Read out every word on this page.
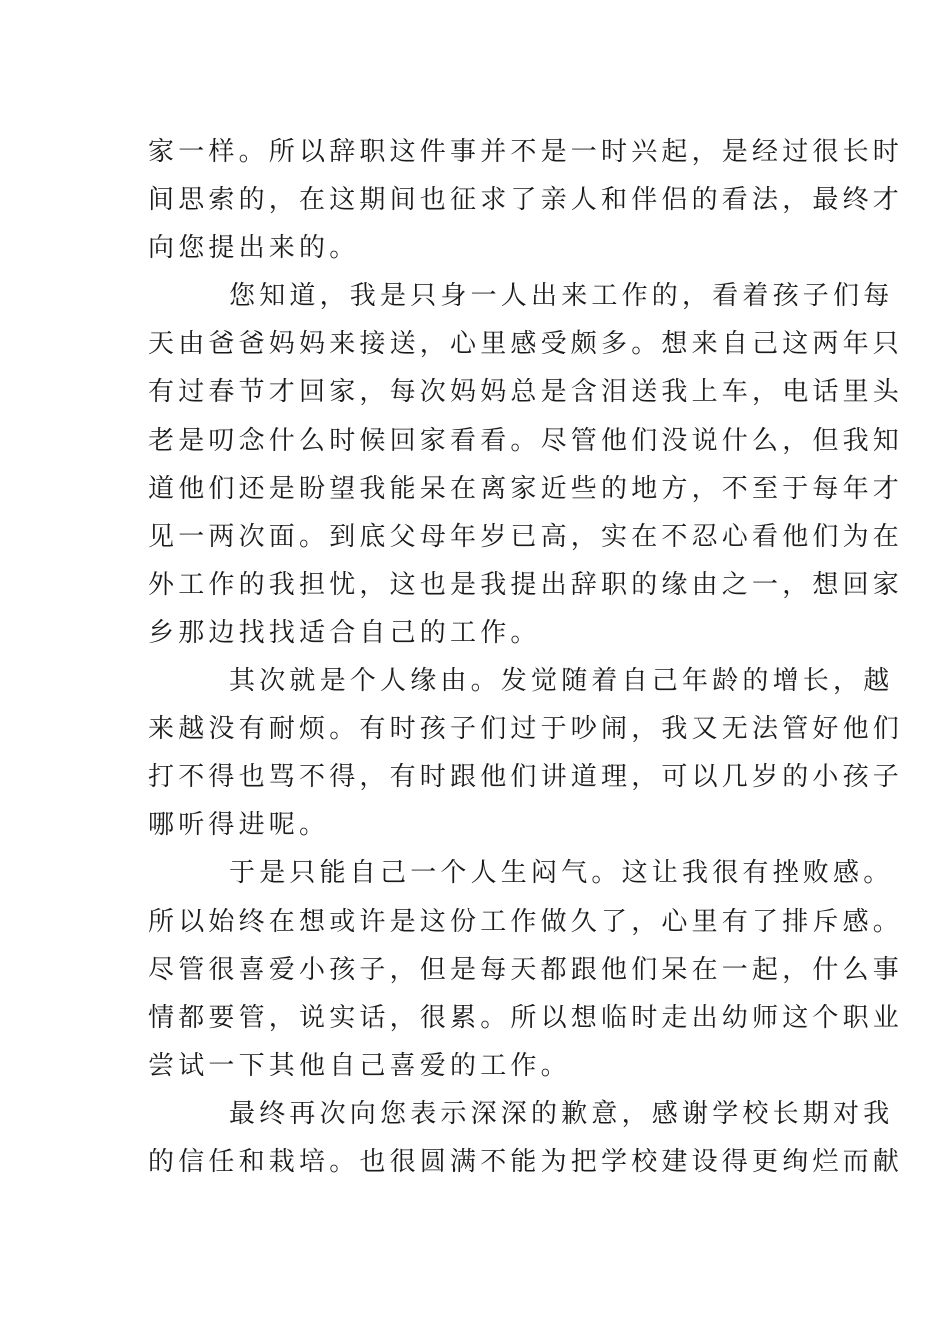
家一样。所以辞职这件事并不是一时兴起，是经过很长时
间思索的，在这期间也征求了亲人和伴侣的看法，最终才
向您提出来的。
您知道，我是只身一人出来工作的，看着孩子们每
天由爸爸妈妈来接送，心里感受颇多。想来自己这两年只
有过春节才回家，每次妈妈总是含泪送我上车，电话里头
老是叨念什么时候回家看看。尽管他们没说什么，但我知
道他们还是盼望我能呆在离家近些的地方，不至于每年才
见一两次面。到底父母年岁已高，实在不忍心看他们为在
外工作的我担忧，这也是我提出辞职的缘由之一，想回家
乡那边找找适合自己的工作。
其次就是个人缘由。发觉随着自己年龄的增长，越
来越没有耐烦。有时孩子们过于吵闹，我又无法管好他们
打不得也骂不得，有时跟他们讲道理，可以几岁的小孩子
哪听得进呢。
于是只能自己一个人生闷气。这让我很有挫败感。
所以始终在想或许是这份工作做久了，心里有了排斥感。
尽管很喜爱小孩子，但是每天都跟他们呆在一起，什么事
情都要管，说实话，很累。所以想临时走出幼师这个职业
尝试一下其他自己喜爱的工作。
最终再次向您表示深深的歉意，感谢学校长期对我
的信任和栽培。也很圆满不能为把学校建设得更绚烂而献
